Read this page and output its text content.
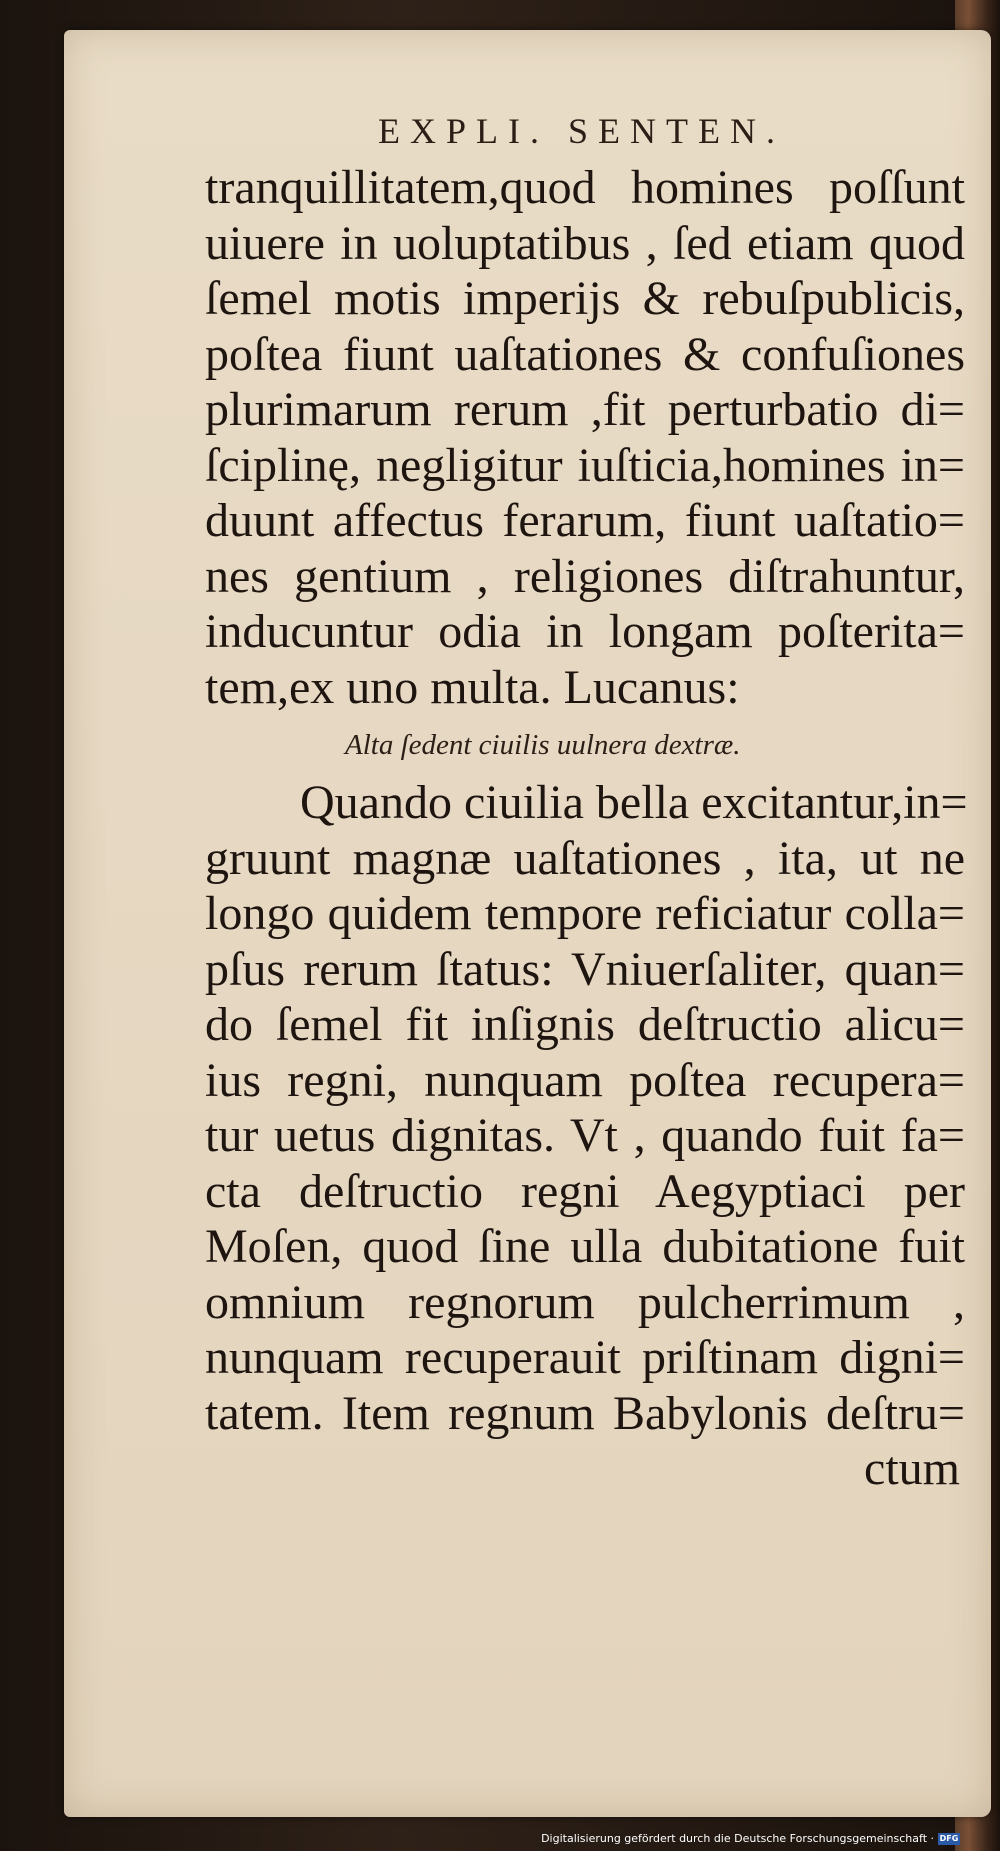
EXPLI. SENTEN.
tranquillitatem,quod homines poſſunt
uiuere in uoluptatibus , ſed etiam quod
ſemel motis imperijs & rebuſpublicis,
poſtea fiunt uaſtationes & confuſiones
plurimarum rerum ,fit perturbatio di=
ſciplinę, negligitur iuſticia,homines in=
duunt affectus ferarum, fiunt uaſtatio=
nes gentium , religiones diſtrahuntur,
inducuntur odia in longam poſterita=
tem,ex uno multa. Lucanus:
Alta ſedent ciuilis uulnera dextræ.
Quando ciuilia bella excitantur,in=
gruunt magnæ uaſtationes , ita, ut ne
longo quidem tempore reficiatur colla=
pſus rerum ſtatus: Vniuerſaliter, quan=
do ſemel fit inſignis deſtructio alicu=
ius regni, nunquam poſtea recupera=
tur uetus dignitas. Vt , quando fuit fa=
cta deſtructio regni Aegyptiaci per
Moſen, quod ſine ulla dubitatione fuit
omnium regnorum pulcherrimum ,
nunquam recuperauit priſtinam digni=
tatem. Item regnum Babylonis deſtru=
ctum
Digitalisierung gefördert durch die Deutsche Forschungsgemeinschaft · DFG
